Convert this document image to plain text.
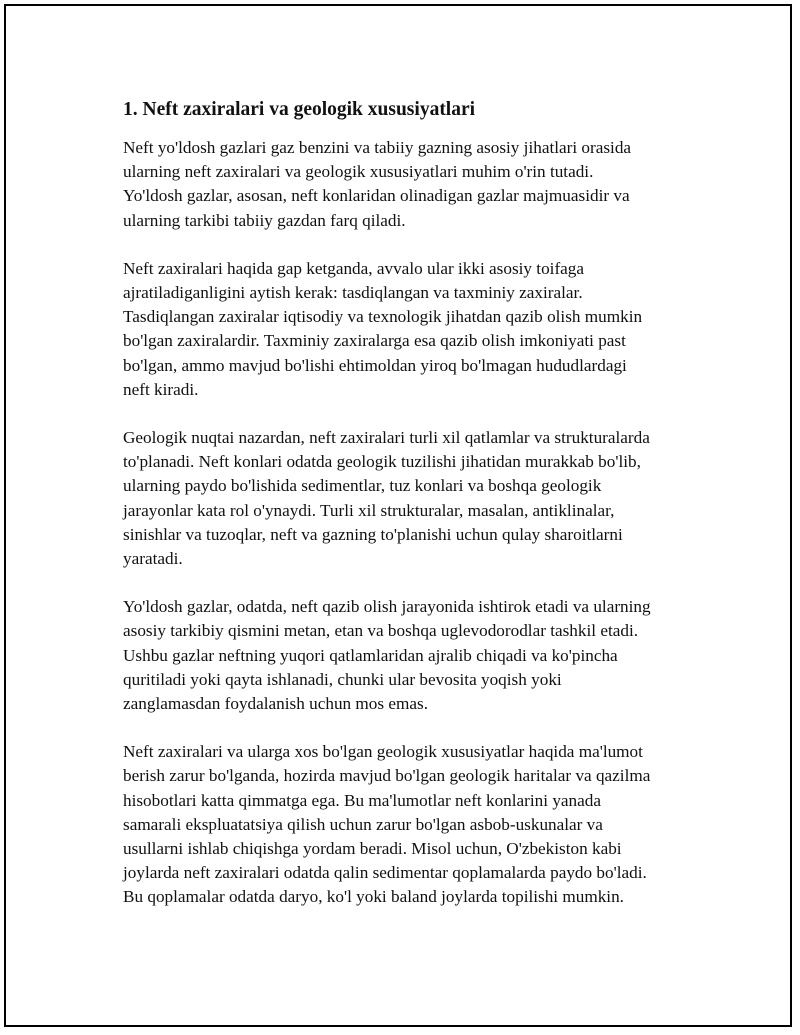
1. Neft zaxiralari va geologik xususiyatlari

Neft yo'ldosh gazlari gaz benzini va tabiiy gazning asosiy jihatlari orasida
ularning neft zaxiralari va geologik xususiyatlari muhim o'rin tutadi.
Yo'ldosh gazlar, asosan, neft konlaridan olinadigan gazlar majmuasidir va
ularning tarkibi tabiiy gazdan farq qiladi.

Neft zaxiralari haqida gap ketganda, avvalo ular ikki asosiy toifaga
ajratiladiganligini aytish kerak: tasdiqlangan va taxminiy zaxiralar.
Tasdiqlangan zaxiralar iqtisodiy va texnologik jihatdan qazib olish mumkin
bo'lgan zaxiralardir. Taxminiy zaxiralarga esa qazib olish imkoniyati past
bo'lgan, ammo mavjud bo'lishi ehtimoldan yiroq bo'lmagan hududlardagi
neft kiradi.

Geologik nuqtai nazardan, neft zaxiralari turli xil qatlamlar va strukturalarda
to'planadi. Neft konlari odatda geologik tuzilishi jihatidan murakkab bo'lib,
ularning paydo bo'lishida sedimentlar, tuz konlari va boshqa geologik
jarayonlar kata rol o'ynaydi. Turli xil strukturalar, masalan, antiklinalar,
sinishlar va tuzoqlar, neft va gazning to'planishi uchun qulay sharoitlarni
yaratadi.

Yo'ldosh gazlar, odatda, neft qazib olish jarayonida ishtirok etadi va ularning
asosiy tarkibiy qismini metan, etan va boshqa uglevodorodlar tashkil etadi.
Ushbu gazlar neftning yuqori qatlamlaridan ajralib chiqadi va ko'pincha
quritiladi yoki qayta ishlanadi, chunki ular bevosita yoqish yoki
zanglamasdan foydalanish uchun mos emas.

Neft zaxiralari va ularga xos bo'lgan geologik xususiyatlar haqida ma'lumot
berish zarur bo'lganda, hozirda mavjud bo'lgan geologik haritalar va qazilma
hisobotlari katta qimmatga ega. Bu ma'lumotlar neft konlarini yanada
samarali ekspluatatsiya qilish uchun zarur bo'lgan asbob-uskunalar va
usullarni ishlab chiqishga yordam beradi. Misol uchun, O'zbekiston kabi
joylarda neft zaxiralari odatda qalin sedimentar qoplamalarda paydo bo'ladi.
Bu qoplamalar odatda daryo, ko'l yoki baland joylarda topilishi mumkin.
